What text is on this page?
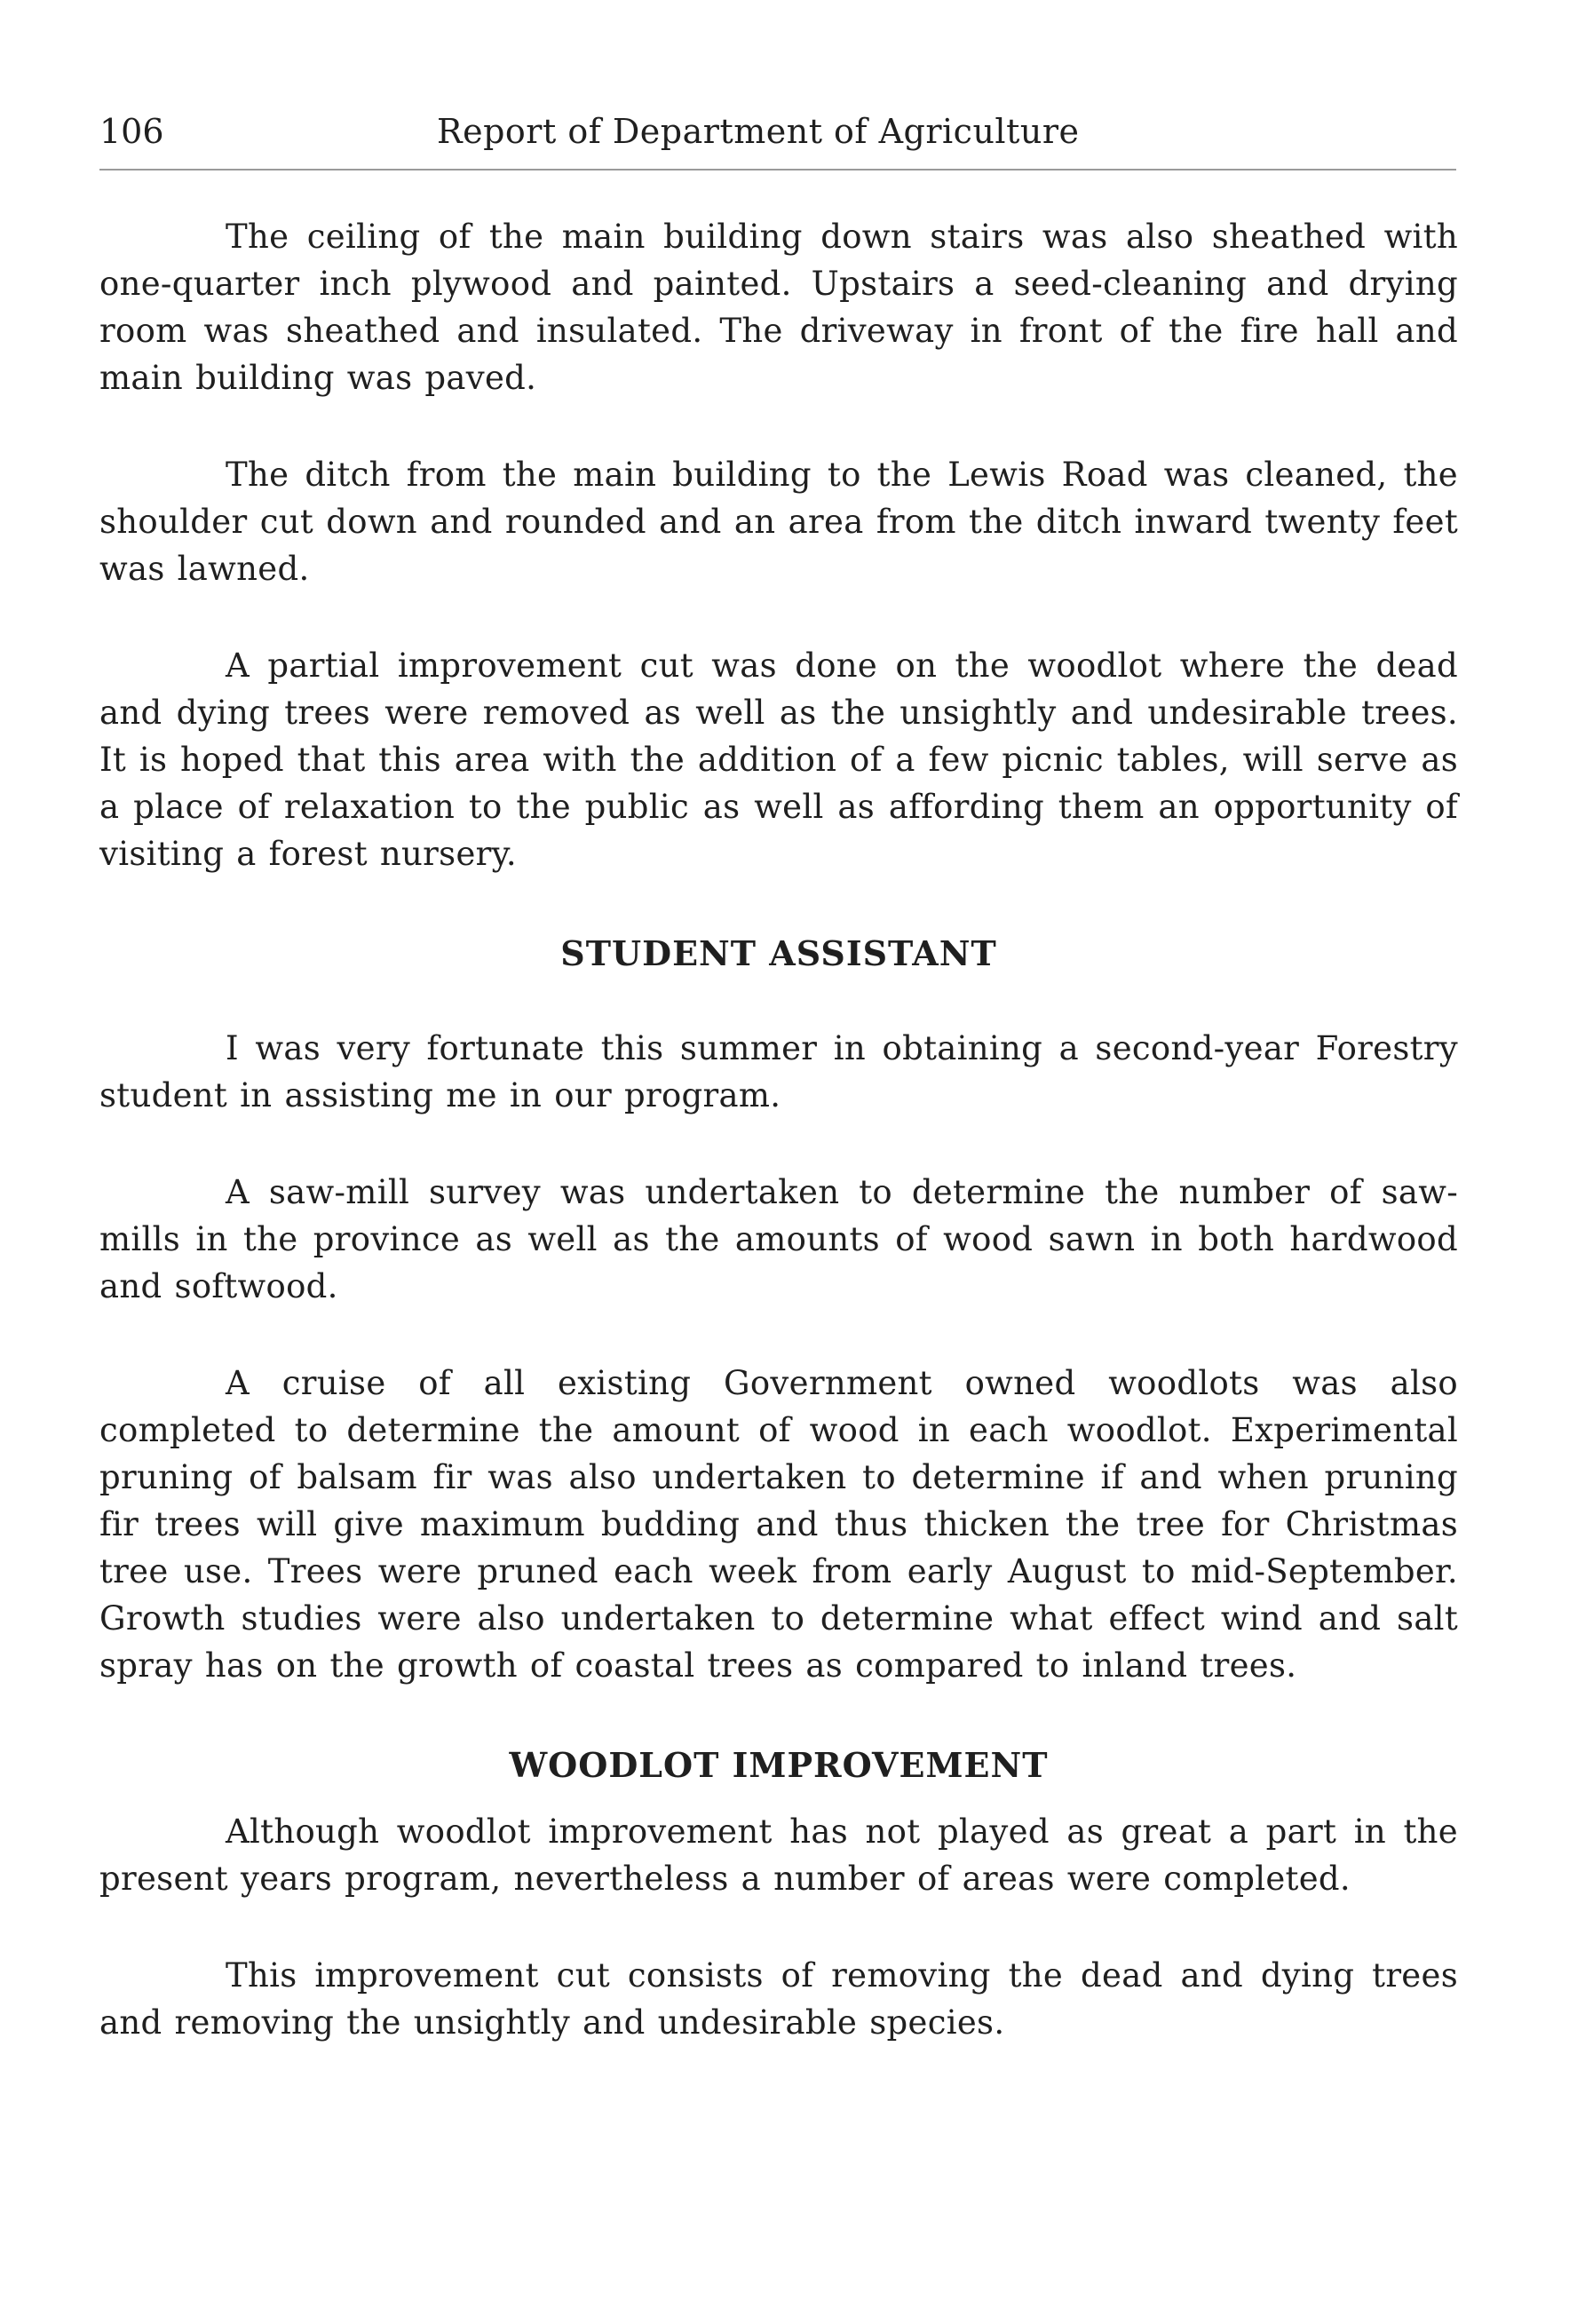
106	Report of Department of Agriculture

The ceiling of the main building down stairs was also sheathed with one-quarter inch plywood and painted. Upstairs a seed-cleaning and drying room was sheathed and insulated. The driveway in front of the fire hall and main building was paved.

The ditch from the main building to the Lewis Road was cleaned, the shoulder cut down and rounded and an area from the ditch inward twenty feet was lawned.

A partial improvement cut was done on the woodlot where the dead and dying trees were removed as well as the unsightly and undesirable trees. It is hoped that this area with the addition of a few picnic tables, will serve as a place of relaxation to the public as well as affording them an opportunity of visiting a forest nursery.

STUDENT ASSISTANT

I was very fortunate this summer in obtaining a second-year Forestry student in assisting me in our program.

A saw-mill survey was undertaken to determine the number of saw-mills in the province as well as the amounts of wood sawn in both hardwood and softwood.

A cruise of all existing Government owned woodlots was also completed to determine the amount of wood in each woodlot. Experimental pruning of balsam fir was also undertaken to determine if and when pruning fir trees will give maximum budding and thus thicken the tree for Christmas tree use. Trees were pruned each week from early August to mid-September. Growth studies were also undertaken to determine what effect wind and salt spray has on the growth of coastal trees as compared to inland trees.

WOODLOT IMPROVEMENT

Although woodlot improvement has not played as great a part in the present years program, nevertheless a number of areas were completed.

This improvement cut consists of removing the dead and dying trees and removing the unsightly and undesirable species.
